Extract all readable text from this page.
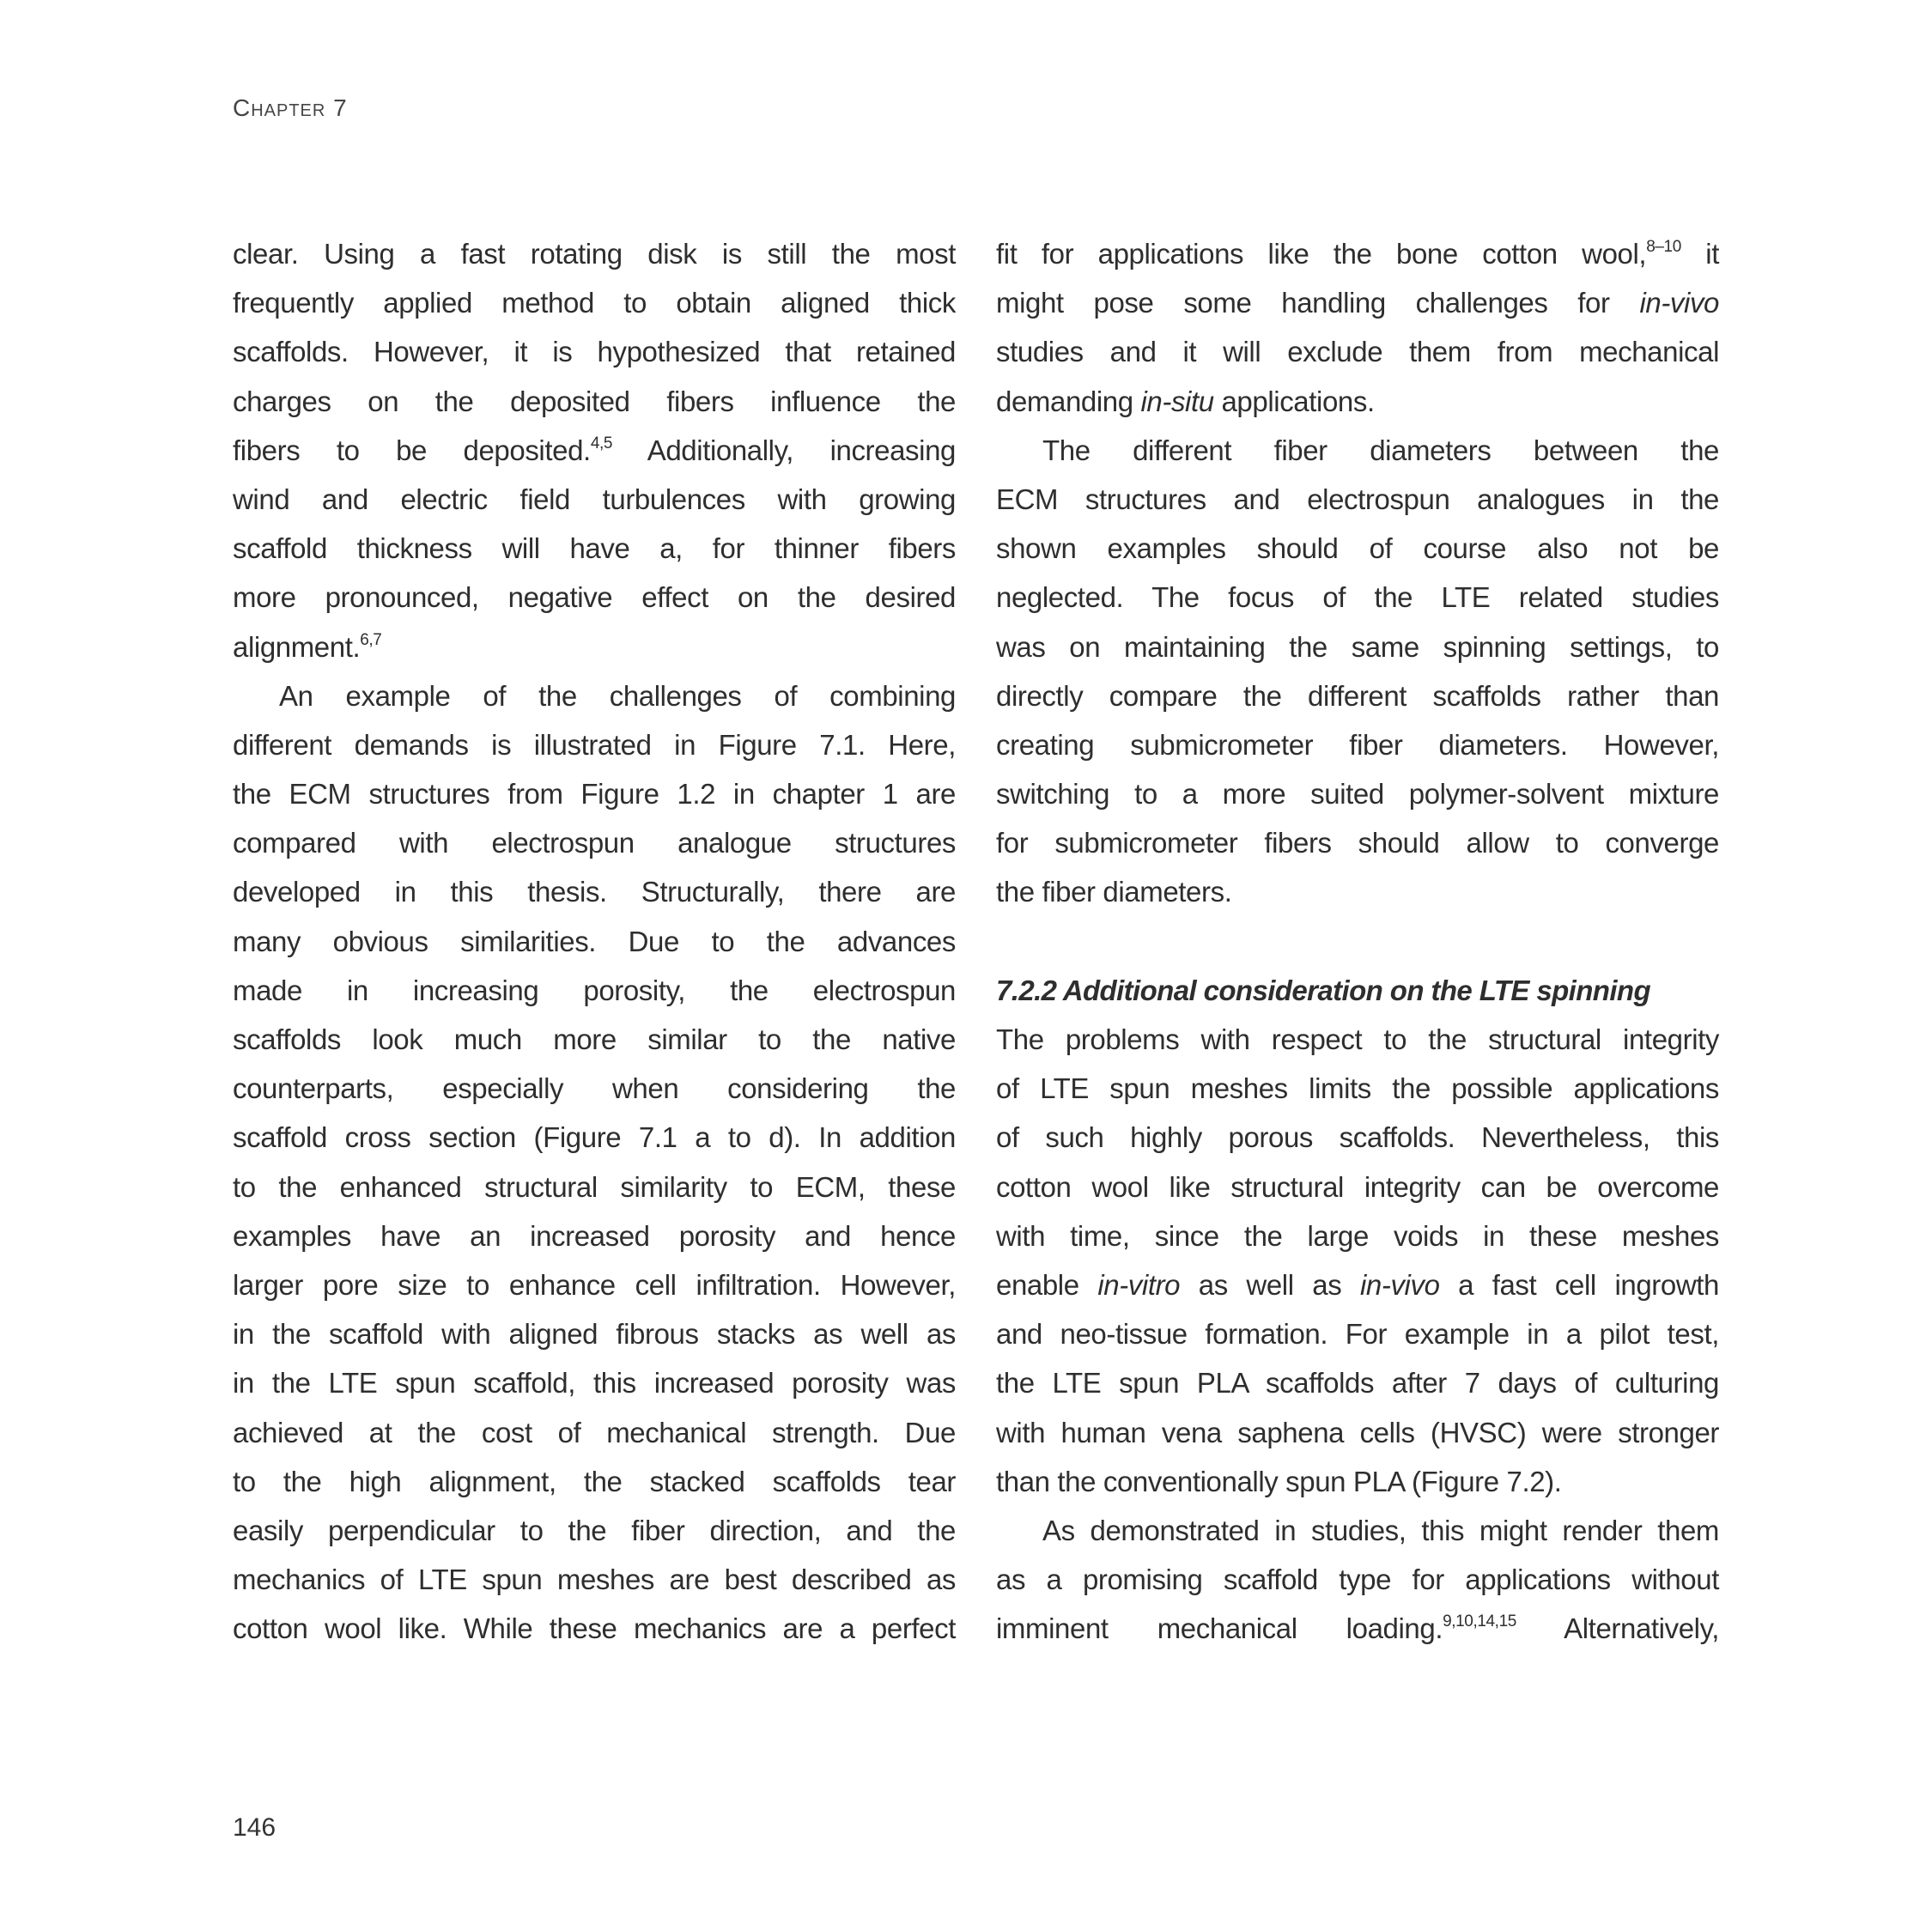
Chapter 7
clear. Using a fast rotating disk is still the most
frequently applied method to obtain aligned thick
scaffolds. However, it is hypothesized that retained
charges on the deposited fibers influence the
fibers to be deposited.$^{4,5}$ Additionally, increasing
wind and electric field turbulences with growing
scaffold thickness will have a, for thinner fibers
more pronounced, negative effect on the desired
alignment.$^{6,7}$
An example of the challenges of combining
different demands is illustrated in Figure 7.1. Here,
the ECM structures from Figure 1.2 in chapter 1 are
compared with electrospun analogue structures
developed in this thesis. Structurally, there are
many obvious similarities. Due to the advances
made in increasing porosity, the electrospun
scaffolds look much more similar to the native
counterparts, especially when considering the
scaffold cross section (Figure 7.1 a to d). In addition
to the enhanced structural similarity to ECM, these
examples have an increased porosity and hence
larger pore size to enhance cell infiltration. However,
in the scaffold with aligned fibrous stacks as well as
in the LTE spun scaffold, this increased porosity was
achieved at the cost of mechanical strength. Due
to the high alignment, the stacked scaffolds tear
easily perpendicular to the fiber direction, and the
mechanics of LTE spun meshes are best described as
cotton wool like. While these mechanics are a perfect
fit for applications like the bone cotton wool,$^{8-10}$ it
might pose some handling challenges for in-vivo
studies and it will exclude them from mechanical
demanding in-situ applications.
The different fiber diameters between the
ECM structures and electrospun analogues in the
shown examples should of course also not be
neglected. The focus of the LTE related studies
was on maintaining the same spinning settings, to
directly compare the different scaffolds rather than
creating submicrometer fiber diameters. However,
switching to a more suited polymer-solvent mixture
for submicrometer fibers should allow to converge
the fiber diameters.

7.2.2 Additional consideration on the LTE spinning
The problems with respect to the structural integrity
of LTE spun meshes limits the possible applications
of such highly porous scaffolds. Nevertheless, this
cotton wool like structural integrity can be overcome
with time, since the large voids in these meshes
enable in-vitro as well as in-vivo a fast cell ingrowth
and neo-tissue formation. For example in a pilot test,
the LTE spun PLA scaffolds after 7 days of culturing
with human vena saphena cells (HVSC) were stronger
than the conventionally spun PLA (Figure 7.2).
As demonstrated in studies, this might render them
as a promising scaffold type for applications without
imminent mechanical loading.$^{9,10,14,15}$ Alternatively,
146
